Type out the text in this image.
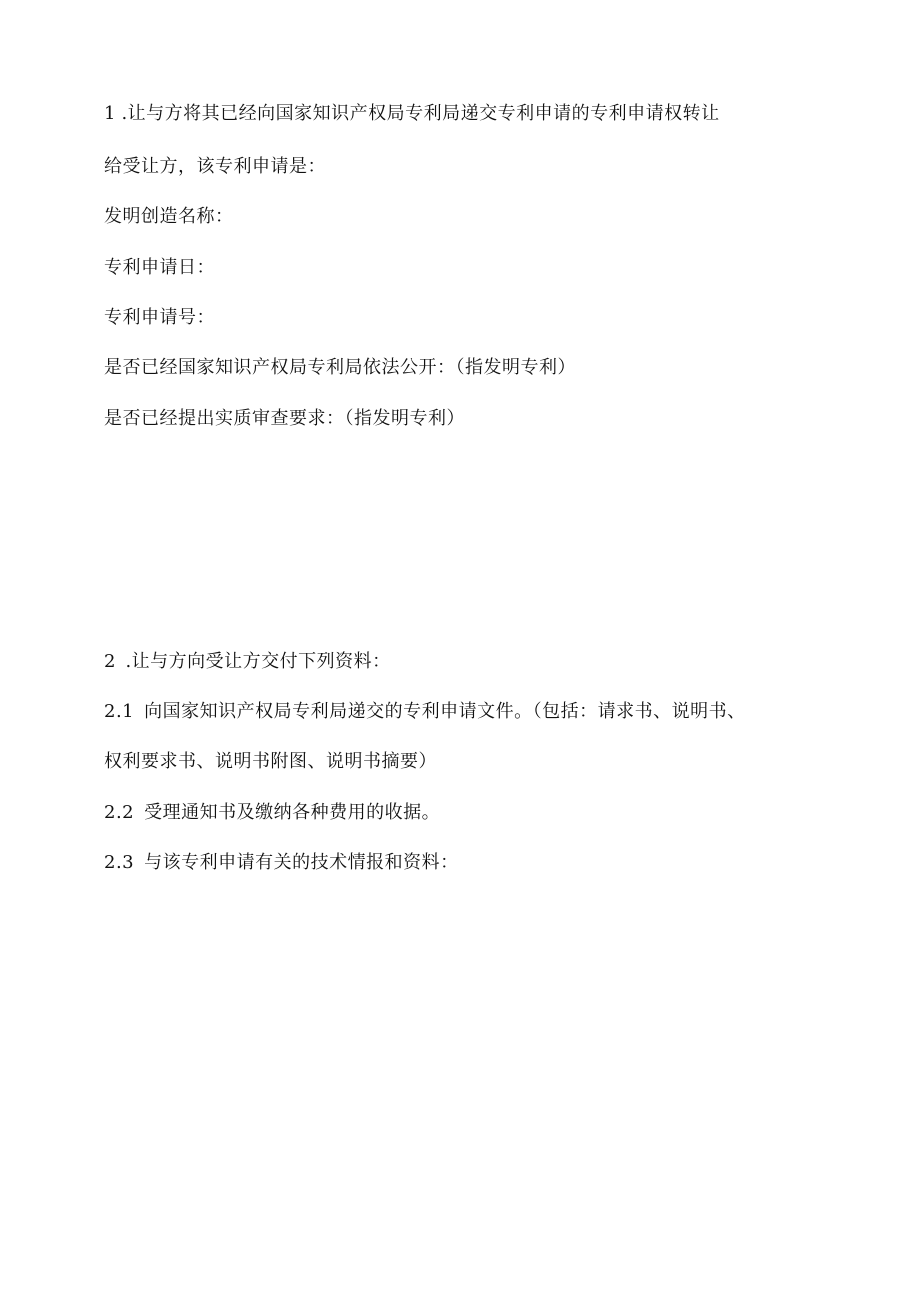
1 .让与方将其已经向国家知识产权局专利局递交专利申请的专利申请权转让
给受让方，该专利申请是：
发明创造名称：
专利申请日：
专利申请号：
是否已经国家知识产权局专利局依法公开：（指发明专利）
是否已经提出实质审查要求：（指发明专利）
2 .让与方向受让方交付下列资料：
2.1 向国家知识产权局专利局递交的专利申请文件。（包括：请求书、说明书、
权利要求书、说明书附图、说明书摘要）
2.2 受理通知书及缴纳各种费用的收据。
2.3 与该专利申请有关的技术情报和资料：
